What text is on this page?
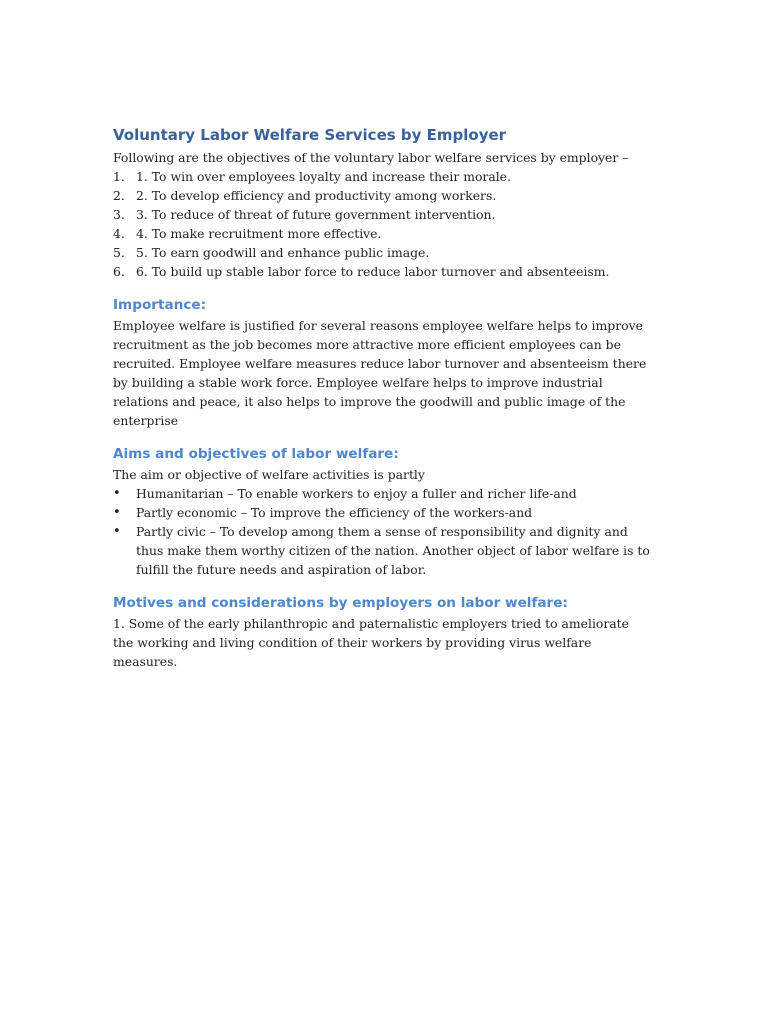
Voluntary Labor Welfare Services by Employer

Following are the objectives of the voluntary labor welfare services by employer –

1. 1. To win over employees loyalty and increase their morale.
2. 2. To develop efficiency and productivity among workers.
3. 3. To reduce of threat of future government intervention.
4. 4. To make recruitment more effective.
5. 5. To earn goodwill and enhance public image.
6. 6. To build up stable labor force to reduce labor turnover and absenteeism.
Importance:

Employee welfare is justified for several reasons employee welfare helps to improve recruitment as the job becomes more attractive more efficient employees can be recruited. Employee welfare measures reduce labor turnover and absenteeism there by building a stable work force. Employee welfare helps to improve industrial relations and peace, it also helps to improve the goodwill and public image of the enterprise

Aims and objectives of labor welfare:

The aim or objective of welfare activities is partly

• Humanitarian – To enable workers to enjoy a fuller and richer life-and
• Partly economic – To improve the efficiency of the workers-and
• Partly civic – To develop among them a sense of responsibility and dignity and thus make them worthy citizen of the nation. Another object of labor welfare is to fulfill the future needs and aspiration of labor.
Motives and considerations by employers on labor welfare:

1. Some of the early philanthropic and paternalistic employers tried to ameliorate the working and living condition of their workers by providing virus welfare measures.
